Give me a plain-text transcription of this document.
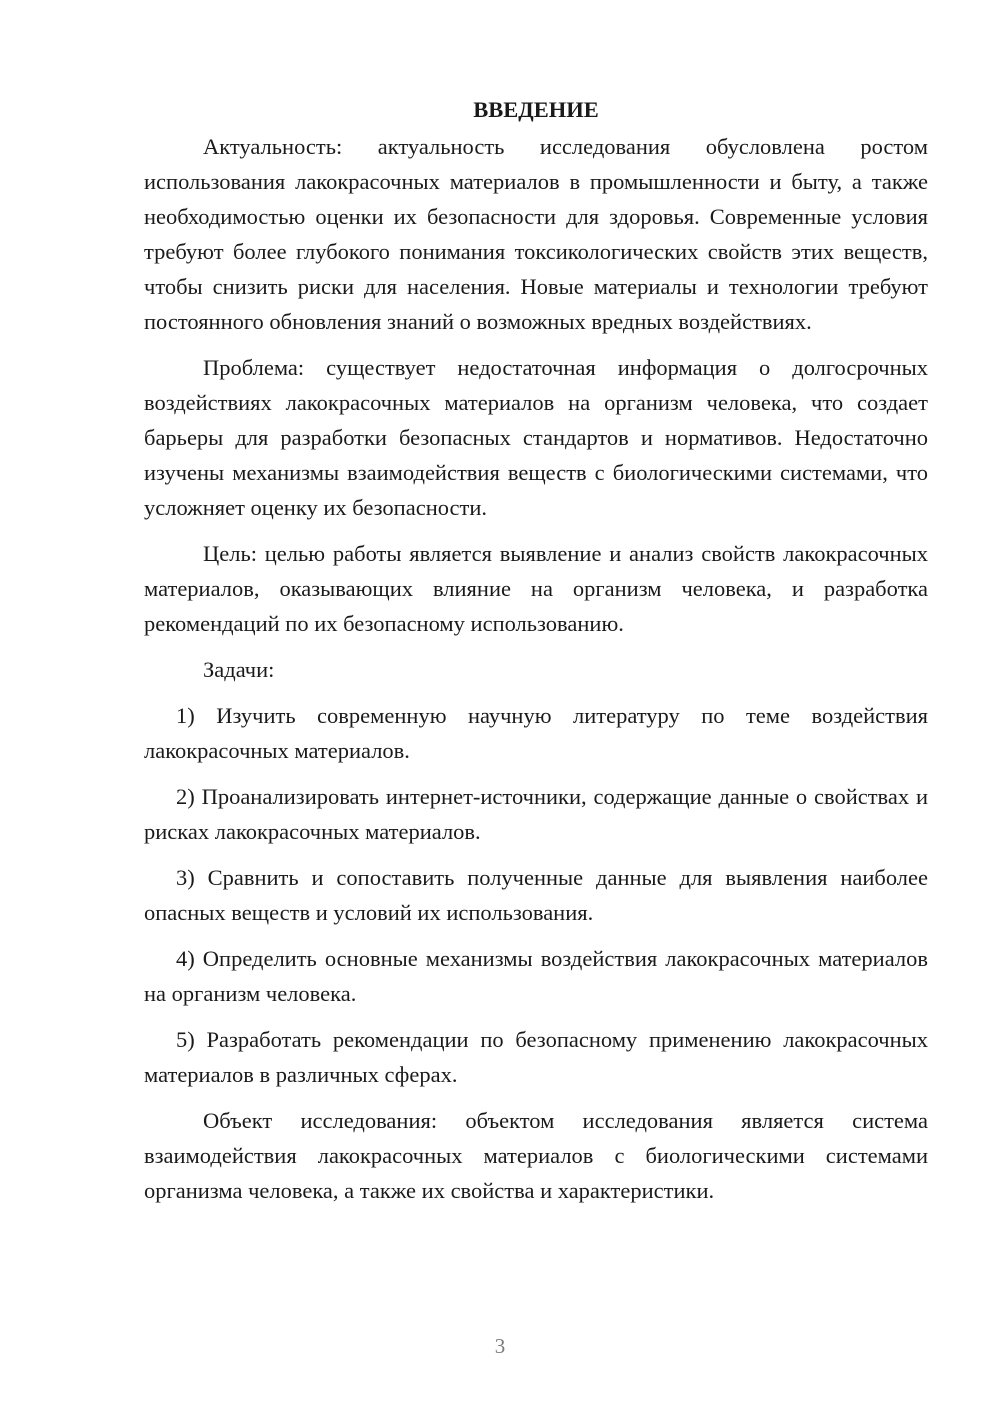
ВВЕДЕНИЕ

Актуальность: актуальность исследования обусловлена ростом использования лакокрасочных материалов в промышленности и быту, а также необходимостью оценки их безопасности для здоровья. Современные условия требуют более глубокого понимания токсикологических свойств этих веществ, чтобы снизить риски для населения. Новые материалы и технологии требуют постоянного обновления знаний о возможных вредных воздействиях.

Проблема: существует недостаточная информация о долгосрочных воздействиях лакокрасочных материалов на организм человека, что создает барьеры для разработки безопасных стандартов и нормативов. Недостаточно изучены механизмы взаимодействия веществ с биологическими системами, что усложняет оценку их безопасности.

Цель: целью работы является выявление и анализ свойств лакокрасочных материалов, оказывающих влияние на организм человека, и разработка рекомендаций по их безопасному использованию.

Задачи:

1) Изучить современную научную литературу по теме воздействия лакокрасочных материалов.

2) Проанализировать интернет-источники, содержащие данные о свойствах и рисках лакокрасочных материалов.

3) Сравнить и сопоставить полученные данные для выявления наиболее опасных веществ и условий их использования.

4) Определить основные механизмы воздействия лакокрасочных материалов на организм человека.

5) Разработать рекомендации по безопасному применению лакокрасочных материалов в различных сферах.

Объект исследования: объектом исследования является система взаимодействия лакокрасочных материалов с биологическими системами организма человека, а также их свойства и характеристики.

3
